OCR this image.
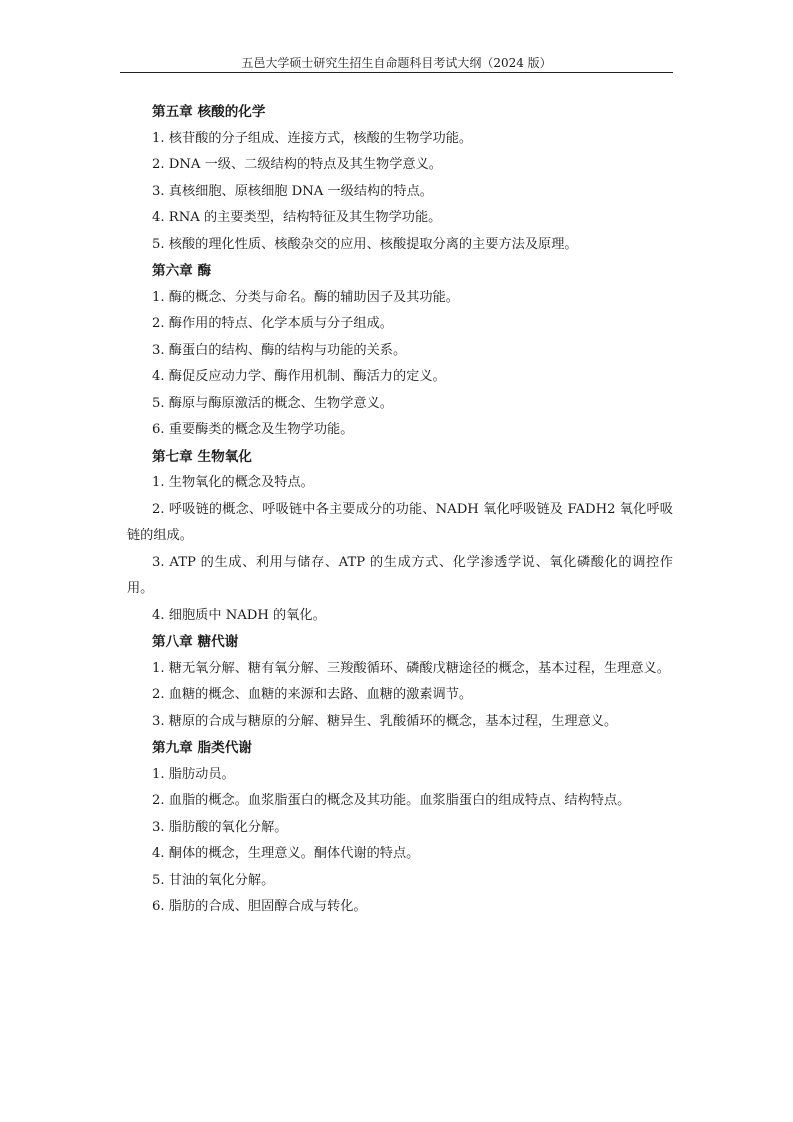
五邑大学硕士研究生招生自命题科目考试大纲（2024 版）

第五章 核酸的化学

1. 核苷酸的分子组成、连接方式，核酸的生物学功能。

2. DNA 一级、二级结构的特点及其生物学意义。

3. 真核细胞、原核细胞 DNA 一级结构的特点。

4. RNA 的主要类型，结构特征及其生物学功能。

5. 核酸的理化性质、核酸杂交的应用、核酸提取分离的主要方法及原理。

第六章 酶

1. 酶的概念、分类与命名。酶的辅助因子及其功能。

2. 酶作用的特点、化学本质与分子组成。

3. 酶蛋白的结构、酶的结构与功能的关系。

4. 酶促反应动力学、酶作用机制、酶活力的定义。

5. 酶原与酶原激活的概念、生物学意义。

6. 重要酶类的概念及生物学功能。

第七章 生物氧化

1. 生物氧化的概念及特点。

2. 呼吸链的概念、呼吸链中各主要成分的功能、NADH 氧化呼吸链及 FADH2 氧化呼吸链的组成。

3. ATP 的生成、利用与储存、ATP 的生成方式、化学渗透学说、氧化磷酸化的调控作用。

4. 细胞质中 NADH 的氧化。

第八章 糖代谢

1. 糖无氧分解、糖有氧分解、三羧酸循环、磷酸戊糖途径的概念，基本过程，生理意义。

2. 血糖的概念、血糖的来源和去路、血糖的激素调节。

3. 糖原的合成与糖原的分解、糖异生、乳酸循环的概念，基本过程，生理意义。

第九章 脂类代谢

1. 脂肪动员。

2. 血脂的概念。血浆脂蛋白的概念及其功能。血浆脂蛋白的组成特点、结构特点。

3. 脂肪酸的氧化分解。

4. 酮体的概念，生理意义。酮体代谢的特点。

5. 甘油的氧化分解。

6. 脂肪的合成、胆固醇合成与转化。
